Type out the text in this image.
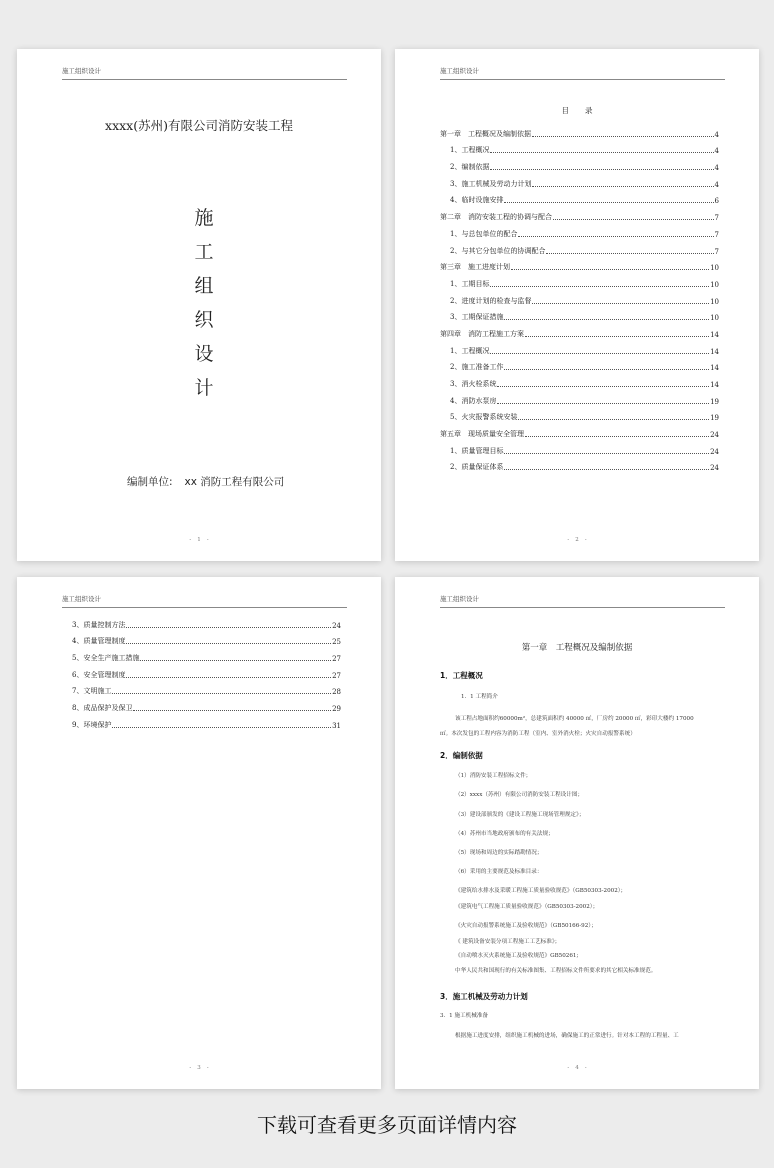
施工组织设计
xxxx(苏州)有限公司消防安装工程
施
工
组
织
设
计
编制单位: xx 消防工程有限公司
- 1 -
施工组织设计
目录
第一章　工程概况及编制依据	4
1、工程概况	4
2、编制依据	4
3、施工机械及劳动力计划	4
4、临时设施安排	6
第二章　消防安装工程的协调与配合	7
1、与总包单位的配合	7
2、与其它分包单位的协调配合	7
第三章　施工进度计划	10
1、工期目标	10
2、进度计划的检查与监督	10
3、工期保证措施	10
第四章　消防工程施工方案	14
1、工程概况	14
2、施工准备工作	14
3、消火栓系统	14
4、消防水泵房	19
5、火灾报警系统安装	19
第五章　现场质量安全管理	24
1、质量管理目标	24
2、质量保证体系	24
- 2 -
施工组织设计
3、质量控制方法	24
4、质量管理制度	25
5、安全生产施工措施	27
6、安全管理制度	27
7、文明施工	28
8、成品保护及保卫	29
9、环境保护	31
- 3 -
施工组织设计
第一章　工程概况及编制依据
1．工程概况
1．1 工程简介
该工程占地面积约60000m²，总建筑面积约 40000 ㎡，厂房约 20000 ㎡，彩印大楼约 17000
㎡。本次发包的工程内容为消防工程（室内、室外消火栓；火灾自动报警系统）
2．编制依据
（1）消防安装工程招标文件；
（2）xxxx（苏州）有限公司消防安装工程设计图；
（3）建设部颁发的《建设工程施工现场管理规定》；
（4）苏州市当地政府颁布的有关法规；
（5）现场和周边的实际踏勘情况；
（6）采用的主要规范及标准目录：
《建筑给水排水及采暖工程施工质量验收规范》（GB50303-2002）；
《建筑电气工程施工质量验收规范》（GB50303-2002）；
《火灾自动报警系统施工及验收规范》（GB50166-92）；
《 建筑设备安装分项工程施工工艺标准》；
《自动喷水灭火系统施工及验收规范》GB50261;
中华人民共和国现行的有关标准图集、工程招标文件所要求的其它相关标准规范。
3．施工机械及劳动力计划
3．1 施工机械准备
根据施工进度安排，组织施工机械的进场，确保施工的正常进行。针对本工程的工程量、工
- 4 -
下载可查看更多页面详情内容
